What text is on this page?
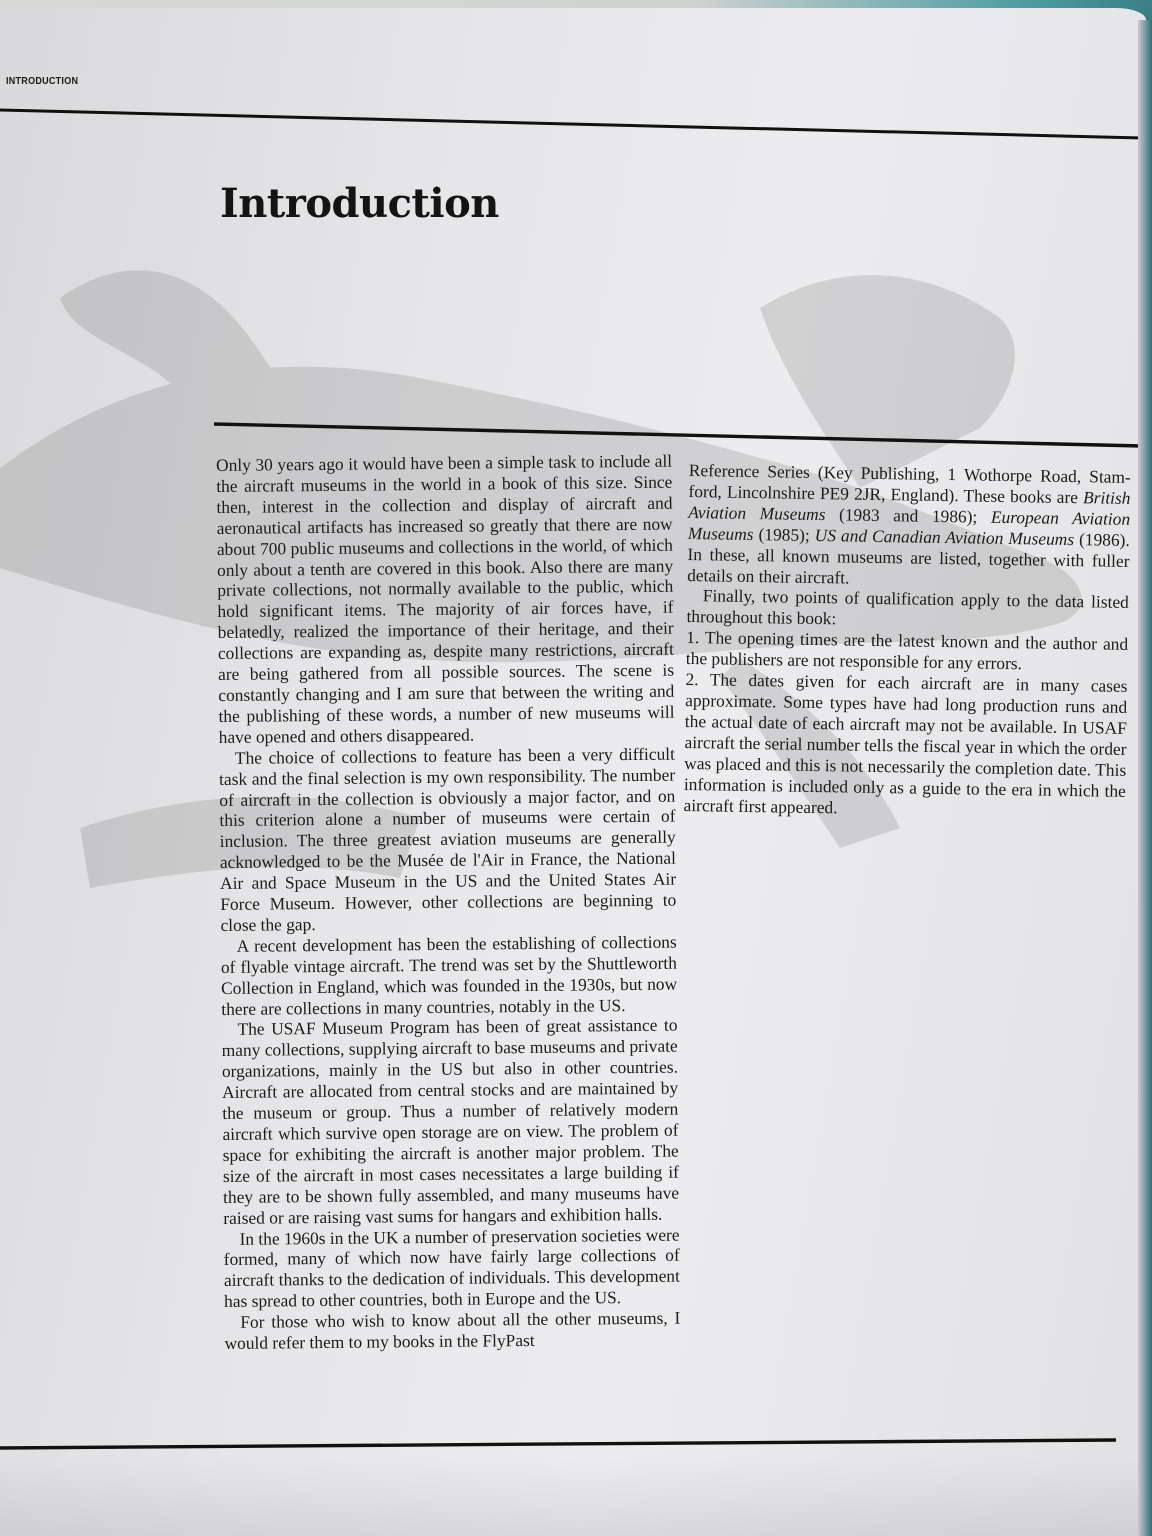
INTRODUCTION
Introduction

Only 30 years ago it would have been a simple task to include all the aircraft museums in the world in a book of this size. Since then, interest in the collection and display of aircraft and aeronautical artifacts has increased so greatly that there are now about 700 public museums and collections in the world, of which only about a tenth are covered in this book. Also there are many private collections, not normally available to the public, which hold significant items. The majority of air forces have, if belatedly, realized the importance of their heritage, and their collections are expanding as, despite many restrictions, aircraft are being gathered from all possible sources. The scene is constantly changing and I am sure that between the writing and the publishing of these words, a number of new museums will have opened and others disappeared.

The choice of collections to feature has been a very difficult task and the final selection is my own responsibility. The number of aircraft in the collection is obviously a major factor, and on this criterion alone a number of museums were certain of inclusion. The three greatest aviation museums are generally acknowledged to be the Musée de l'Air in France, the National Air and Space Museum in the US and the United States Air Force Museum. However, other collections are beginning to close the gap.

A recent development has been the establishing of collections of flyable vintage aircraft. The trend was set by the Shuttleworth Collection in England, which was founded in the 1930s, but now there are collections in many countries, notably in the US.

The USAF Museum Program has been of great assistance to many collections, supplying aircraft to base museums and private organizations, mainly in the US but also in other countries. Aircraft are allocated from central stocks and are maintained by the museum or group. Thus a number of relatively modern aircraft which survive open storage are on view. The problem of space for exhibiting the aircraft is another major problem. The size of the aircraft in most cases necessitates a large building if they are to be shown fully assembled, and many museums have raised or are raising vast sums for hangars and exhibition halls.

In the 1960s in the UK a number of preservation societies were formed, many of which now have fairly large collections of aircraft thanks to the dedication of individuals. This development has spread to other countries, both in Europe and the US.

For those who wish to know about all the other museums, I would refer them to my books in the FlyPast

Reference Series (Key Publishing, 1 Wothorpe Road, Stamford, Lincolnshire PE9 2JR, England). These books are British Aviation Museums (1983 and 1986); European Aviation Museums (1985); US and Canadian Aviation Museums (1986). In these, all known museums are listed, together with fuller details on their aircraft.

Finally, two points of qualification apply to the data listed throughout this book:

1. The opening times are the latest known and the author and the publishers are not responsible for any errors.

2. The dates given for each aircraft are in many cases approximate. Some types have had long production runs and the actual date of each aircraft may not be available. In USAF aircraft the serial number tells the fiscal year in which the order was placed and this is not necessarily the completion date. This information is included only as a guide to the era in which the aircraft first appeared.
